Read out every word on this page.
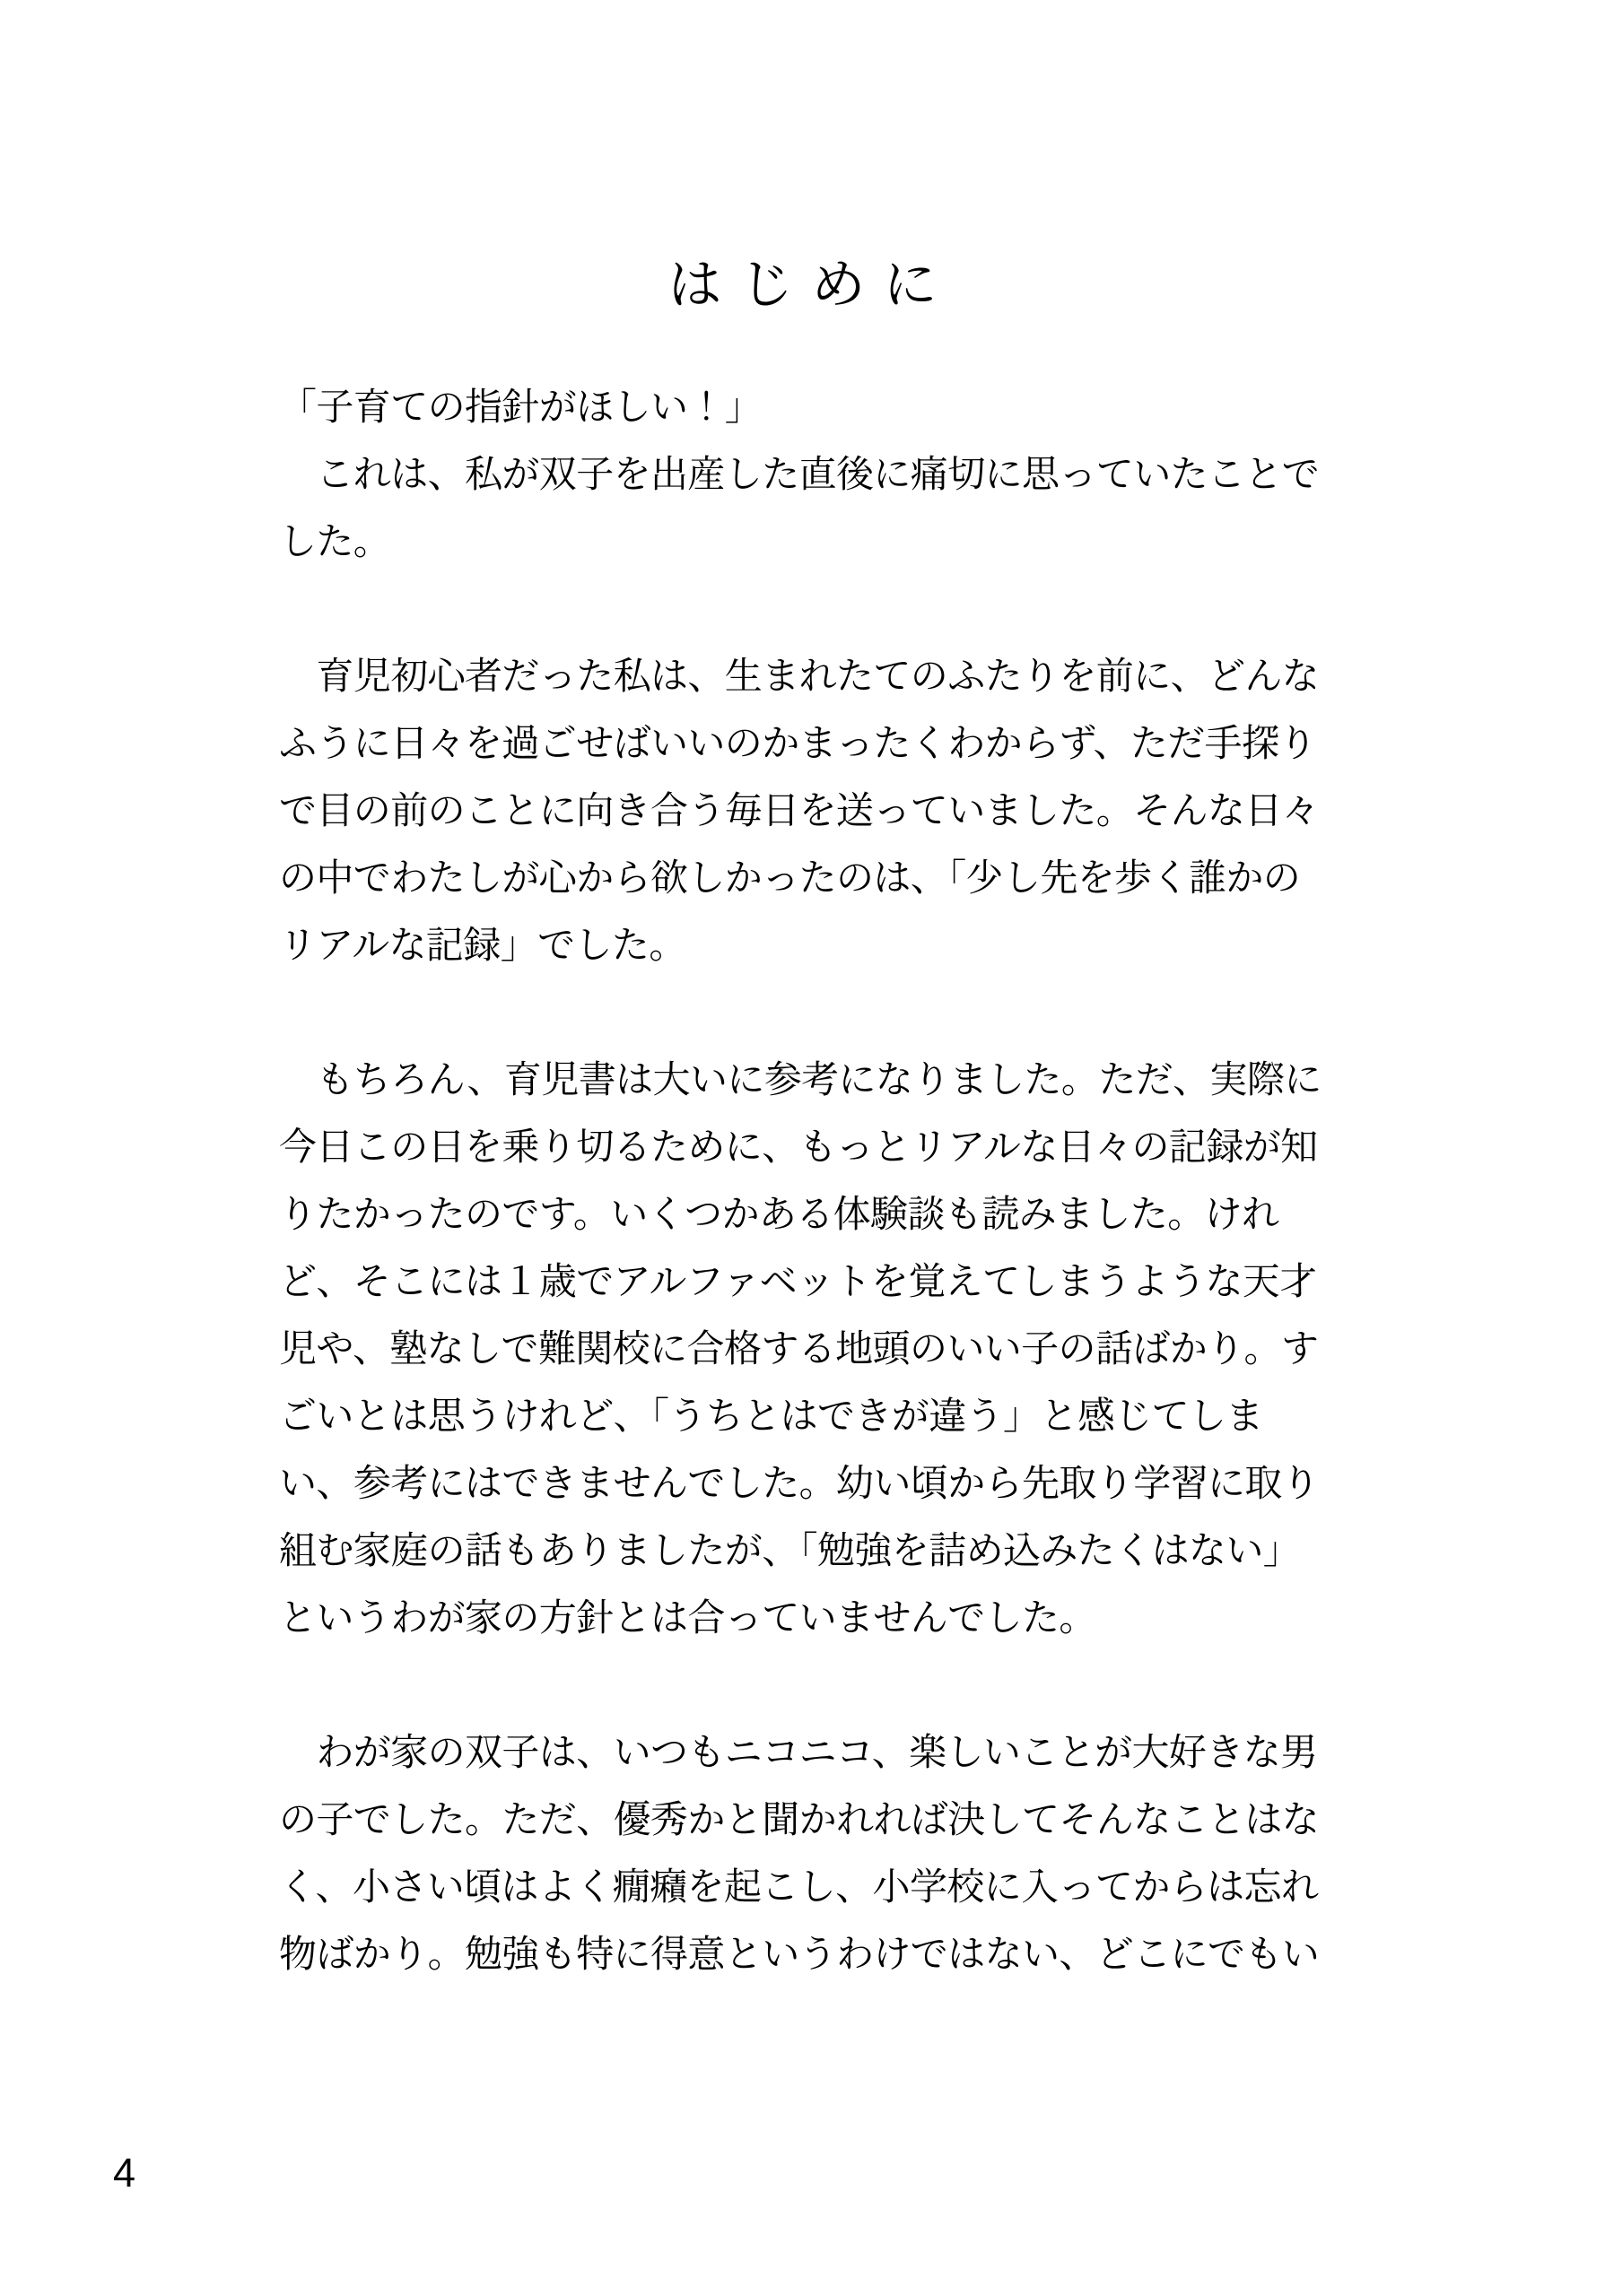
はじめに
「子育ての指針がほしい！」
　これは、私が双子を出産した直後に痛切に思っていたことで
した。
　育児初心者だった私は、生まれたてのふたりを前に、どんな
ふうに日々を過ごせばいいのかまったくわからず、ただ手探り
で目の前のことに向き合う毎日を送っていました。そんな日々
の中でわたしが心から欲しかったのは、「少し先を歩く誰かの
リアルな記録」でした。
　もちろん、育児書は大いに参考になりました。ただ、実際に
今日この日を乗り切るために、もっとリアルな日々の記録が知
りたかったのです。いくつかある体験談も読みました。けれ
ど、そこには１歳でアルファベットを覚えてしまうような天才
児や、塾なしで難関校に合格する地頭のいい子の話ばかり。す
ごいとは思うけれど、「うちとはできが違う」と感じてしま
い、参考にはできませんでした。幼い頃から先取り学習に取り
組む家庭の話もありましたが、「勉強を詰め込みたくはない」
というわが家の方針とは合っていませんでした。
　わが家の双子は、いつもニコニコ、楽しいことが大好きな男
の子でした。ただ、優秀かと聞かれれば決してそんなことはな
く、小さい頃はよく癇癪を起こし、小学校に入ってからは忘れ
物ばかり。勉強も特に得意というわけではない、どこにでもい
4
